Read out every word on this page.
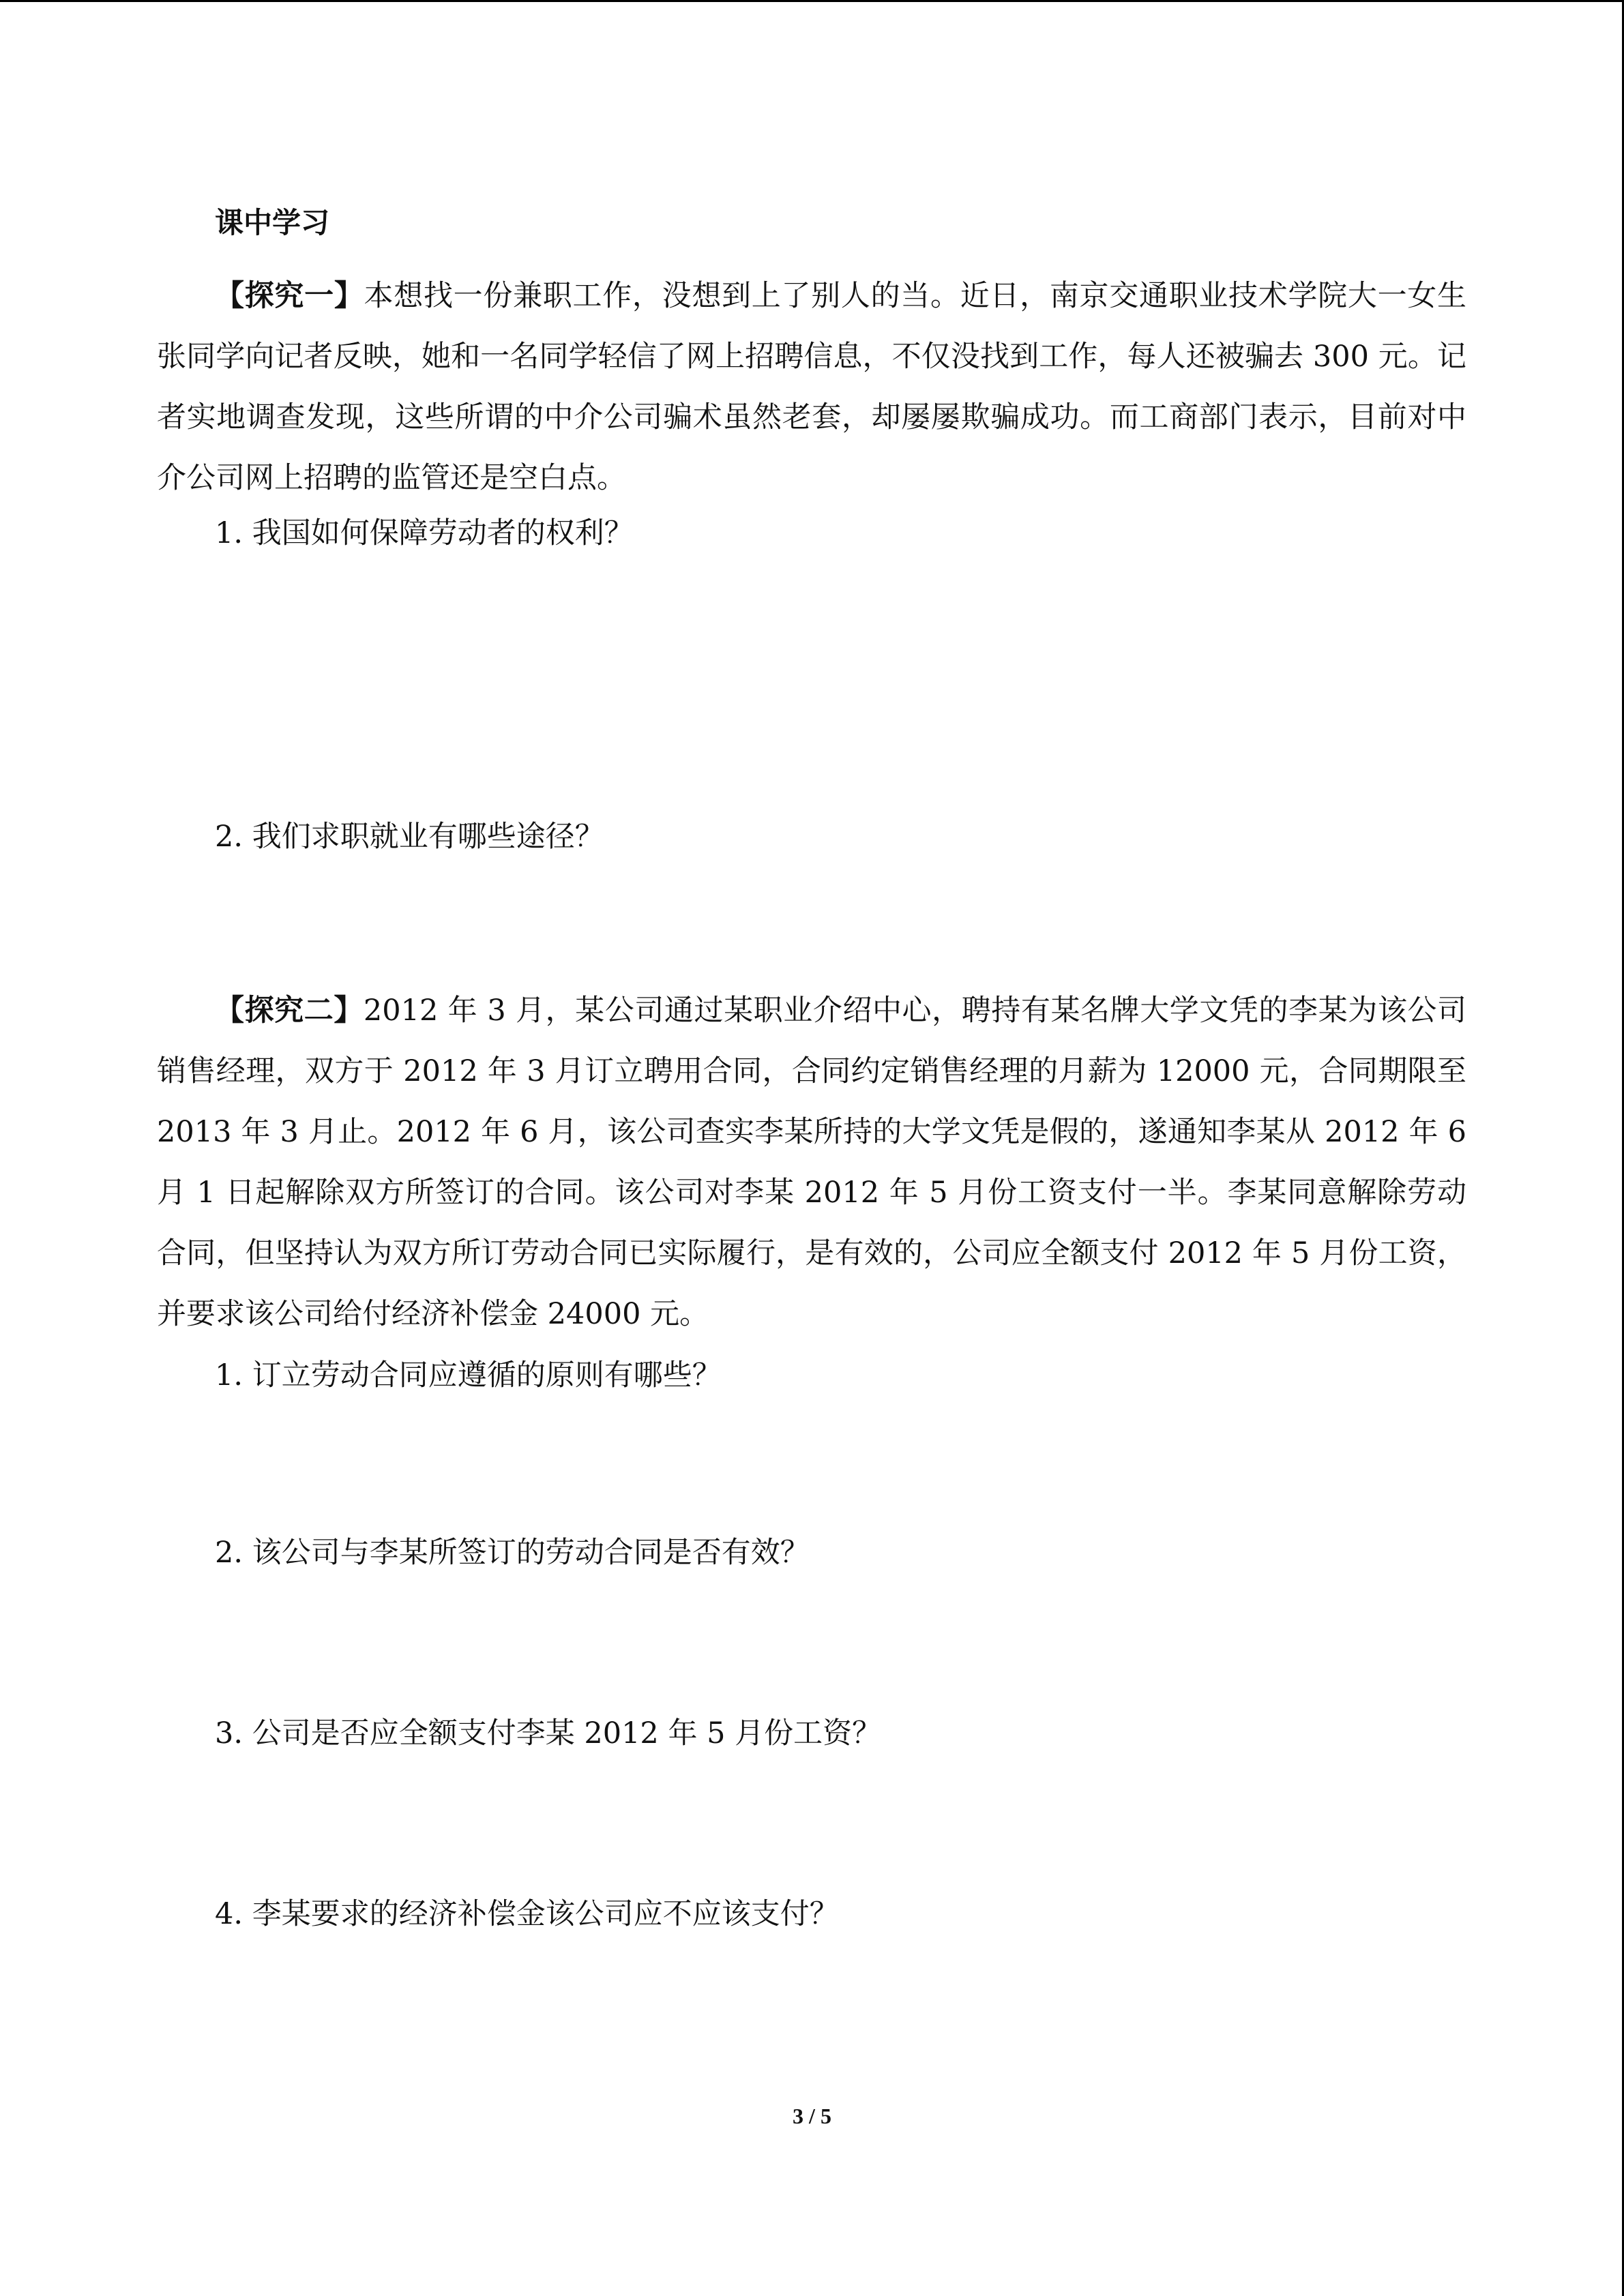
课中学习
【探究一】本想找一份兼职工作，没想到上了别人的当。近日，南京交通职业技术学院大一女生张同学向记者反映，她和一名同学轻信了网上招聘信息，不仅没找到工作，每人还被骗去 300 元。记者实地调查发现，这些所谓的中介公司骗术虽然老套，却屡屡欺骗成功。而工商部门表示，目前对中介公司网上招聘的监管还是空白点。
1. 我国如何保障劳动者的权利？
2. 我们求职就业有哪些途径？
【探究二】2012 年 3 月，某公司通过某职业介绍中心，聘持有某名牌大学文凭的李某为该公司销售经理，双方于 2012 年 3 月订立聘用合同，合同约定销售经理的月薪为 12000 元，合同期限至 2013 年 3 月止。2012 年 6 月，该公司查实李某所持的大学文凭是假的，遂通知李某从 2012 年 6 月 1 日起解除双方所签订的合同。该公司对李某 2012 年 5 月份工资支付一半。李某同意解除劳动合同，但坚持认为双方所订劳动合同已实际履行，是有效的，公司应全额支付 2012 年 5 月份工资，并要求该公司给付经济补偿金 24000 元。
1. 订立劳动合同应遵循的原则有哪些？
2. 该公司与李某所签订的劳动合同是否有效？
3. 公司是否应全额支付李某 2012 年 5 月份工资？
4. 李某要求的经济补偿金该公司应不应该支付？
3 / 5
